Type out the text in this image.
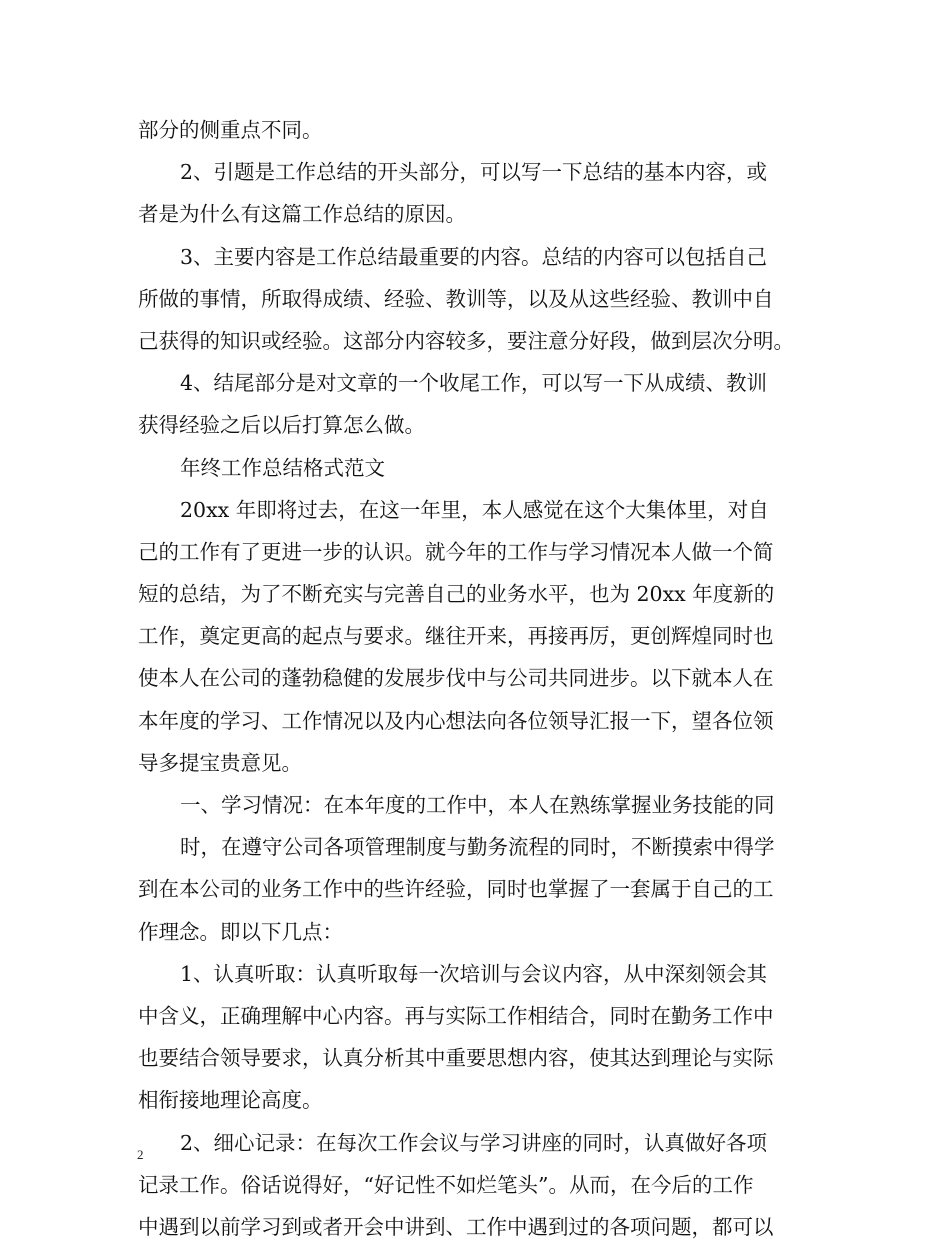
部分的侧重点不同。
2、引题是工作总结的开头部分，可以写一下总结的基本内容，或
者是为什么有这篇工作总结的原因。
3、主要内容是工作总结最重要的内容。总结的内容可以包括自己
所做的事情，所取得成绩、经验、教训等，以及从这些经验、教训中自
己获得的知识或经验。这部分内容较多，要注意分好段，做到层次分明。
4、结尾部分是对文章的一个收尾工作，可以写一下从成绩、教训
获得经验之后以后打算怎么做。
年终工作总结格式范文
20xx 年即将过去，在这一年里，本人感觉在这个大集体里，对自
己的工作有了更进一步的认识。就今年的工作与学习情况本人做一个简
短的总结，为了不断充实与完善自己的业务水平，也为 20xx 年度新的
工作，奠定更高的起点与要求。继往开来，再接再厉，更创辉煌同时也
使本人在公司的蓬勃稳健的发展步伐中与公司共同进步。以下就本人在
本年度的学习、工作情况以及内心想法向各位领导汇报一下，望各位领
导多提宝贵意见。
一、学习情况：在本年度的工作中，本人在熟练掌握业务技能的同
时，在遵守公司各项管理制度与勤务流程的同时，不断摸索中得学
到在本公司的业务工作中的些许经验，同时也掌握了一套属于自己的工
作理念。即以下几点：
1、认真听取：认真听取每一次培训与会议内容，从中深刻领会其
中含义，正确理解中心内容。再与实际工作相结合，同时在勤务工作中
也要结合领导要求，认真分析其中重要思想内容，使其达到理论与实际
相衔接地理论高度。
2、细心记录：在每次工作会议与学习讲座的同时，认真做好各项
记录工作。俗话说得好，“好记性不如烂笔头”。从而，在今后的工作
中遇到以前学习到或者开会中讲到、工作中遇到过的各项问题，都可以
2
